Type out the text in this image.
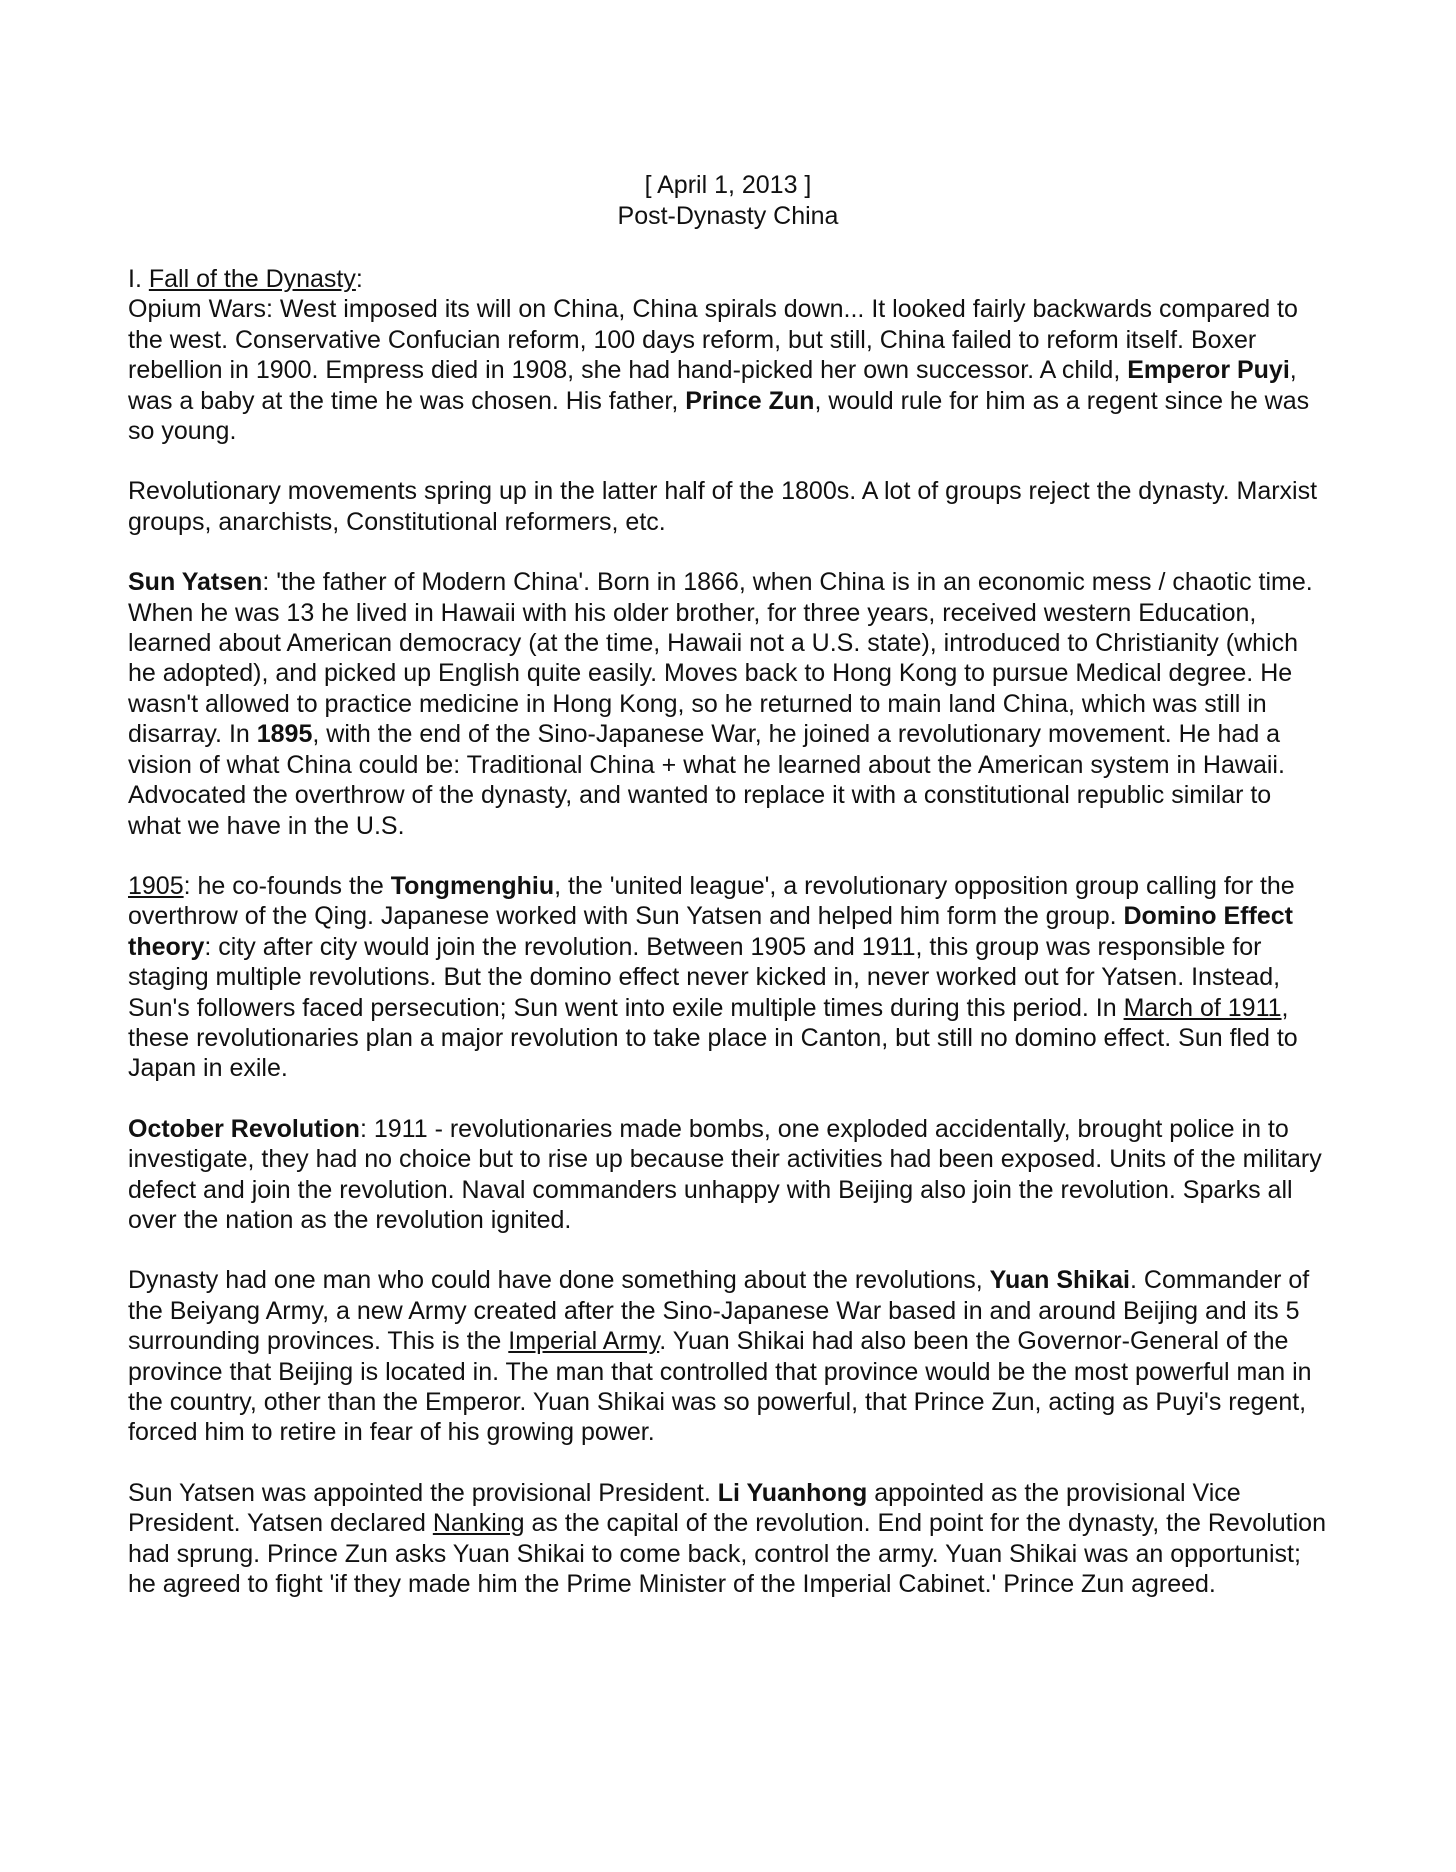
[ April 1, 2013 ]
Post-Dynasty China

I. Fall of the Dynasty:
Opium Wars: West imposed its will on China, China spirals down... It looked fairly backwards compared to the west. Conservative Confucian reform, 100 days reform, but still, China failed to reform itself. Boxer rebellion in 1900. Empress died in 1908, she had hand-picked her own successor. A child, Emperor Puyi, was a baby at the time he was chosen. His father, Prince Zun, would rule for him as a regent since he was so young.

Revolutionary movements spring up in the latter half of the 1800s. A lot of groups reject the dynasty. Marxist groups, anarchists, Constitutional reformers, etc.

Sun Yatsen: 'the father of Modern China'. Born in 1866, when China is in an economic mess / chaotic time. When he was 13 he lived in Hawaii with his older brother, for three years, received western Education, learned about American democracy (at the time, Hawaii not a U.S. state), introduced to Christianity (which he adopted), and picked up English quite easily. Moves back to Hong Kong to pursue Medical degree. He wasn't allowed to practice medicine in Hong Kong, so he returned to main land China, which was still in disarray. In 1895, with the end of the Sino-Japanese War, he joined a revolutionary movement. He had a vision of what China could be: Traditional China + what he learned about the American system in Hawaii. Advocated the overthrow of the dynasty, and wanted to replace it with a constitutional republic similar to what we have in the U.S.

1905: he co-founds the Tongmenghiu, the 'united league', a revolutionary opposition group calling for the overthrow of the Qing. Japanese worked with Sun Yatsen and helped him form the group. Domino Effect theory: city after city would join the revolution. Between 1905 and 1911, this group was responsible for staging multiple revolutions. But the domino effect never kicked in, never worked out for Yatsen. Instead, Sun's followers faced persecution; Sun went into exile multiple times during this period. In March of 1911, these revolutionaries plan a major revolution to take place in Canton, but still no domino effect. Sun fled to Japan in exile.

October Revolution: 1911 - revolutionaries made bombs, one exploded accidentally, brought police in to investigate, they had no choice but to rise up because their activities had been exposed. Units of the military defect and join the revolution. Naval commanders unhappy with Beijing also join the revolution. Sparks all over the nation as the revolution ignited.

Dynasty had one man who could have done something about the revolutions, Yuan Shikai. Commander of the Beiyang Army, a new Army created after the Sino-Japanese War based in and around Beijing and its 5 surrounding provinces. This is the Imperial Army. Yuan Shikai had also been the Governor-General of the province that Beijing is located in. The man that controlled that province would be the most powerful man in the country, other than the Emperor. Yuan Shikai was so powerful, that Prince Zun, acting as Puyi's regent, forced him to retire in fear of his growing power.

Sun Yatsen was appointed the provisional President. Li Yuanhong appointed as the provisional Vice President. Yatsen declared Nanking as the capital of the revolution. End point for the dynasty, the Revolution had sprung. Prince Zun asks Yuan Shikai to come back, control the army. Yuan Shikai was an opportunist; he agreed to fight 'if they made him the Prime Minister of the Imperial Cabinet.' Prince Zun agreed.
